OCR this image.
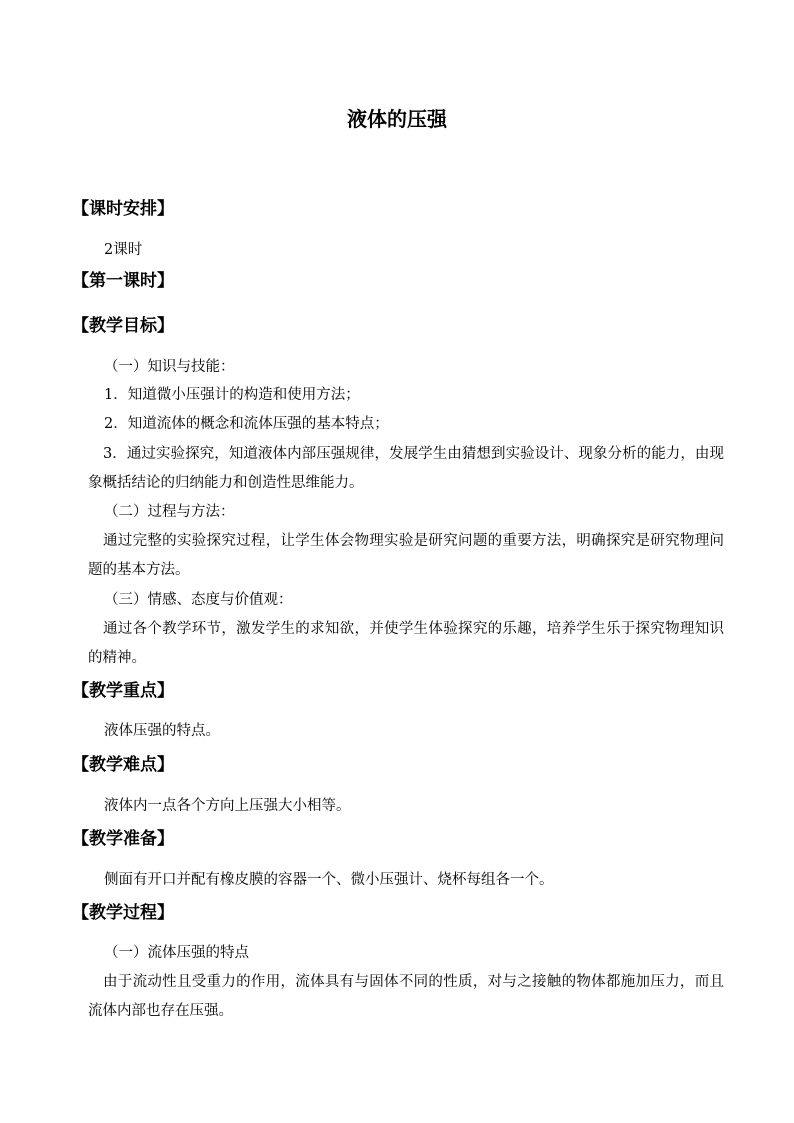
液体的压强
【课时安排】
2课时
【第一课时】
【教学目标】
（一）知识与技能：
1．知道微小压强计的构造和使用方法；
2．知道流体的概念和流体压强的基本特点；
3．通过实验探究，知道液体内部压强规律，发展学生由猜想到实验设计、现象分析的能力，由现象概括结论的归纳能力和创造性思维能力。
（二）过程与方法：
通过完整的实验探究过程，让学生体会物理实验是研究问题的重要方法，明确探究是研究物理问题的基本方法。
（三）情感、态度与价值观：
通过各个教学环节，激发学生的求知欲，并使学生体验探究的乐趣，培养学生乐于探究物理知识的精神。
【教学重点】
液体压强的特点。
【教学难点】
液体内一点各个方向上压强大小相等。
【教学准备】
侧面有开口并配有橡皮膜的容器一个、微小压强计、烧杯每组各一个。
【教学过程】
（一）流体压强的特点
由于流动性且受重力的作用，流体具有与固体不同的性质，对与之接触的物体都施加压力，而且流体内部也存在压强。
